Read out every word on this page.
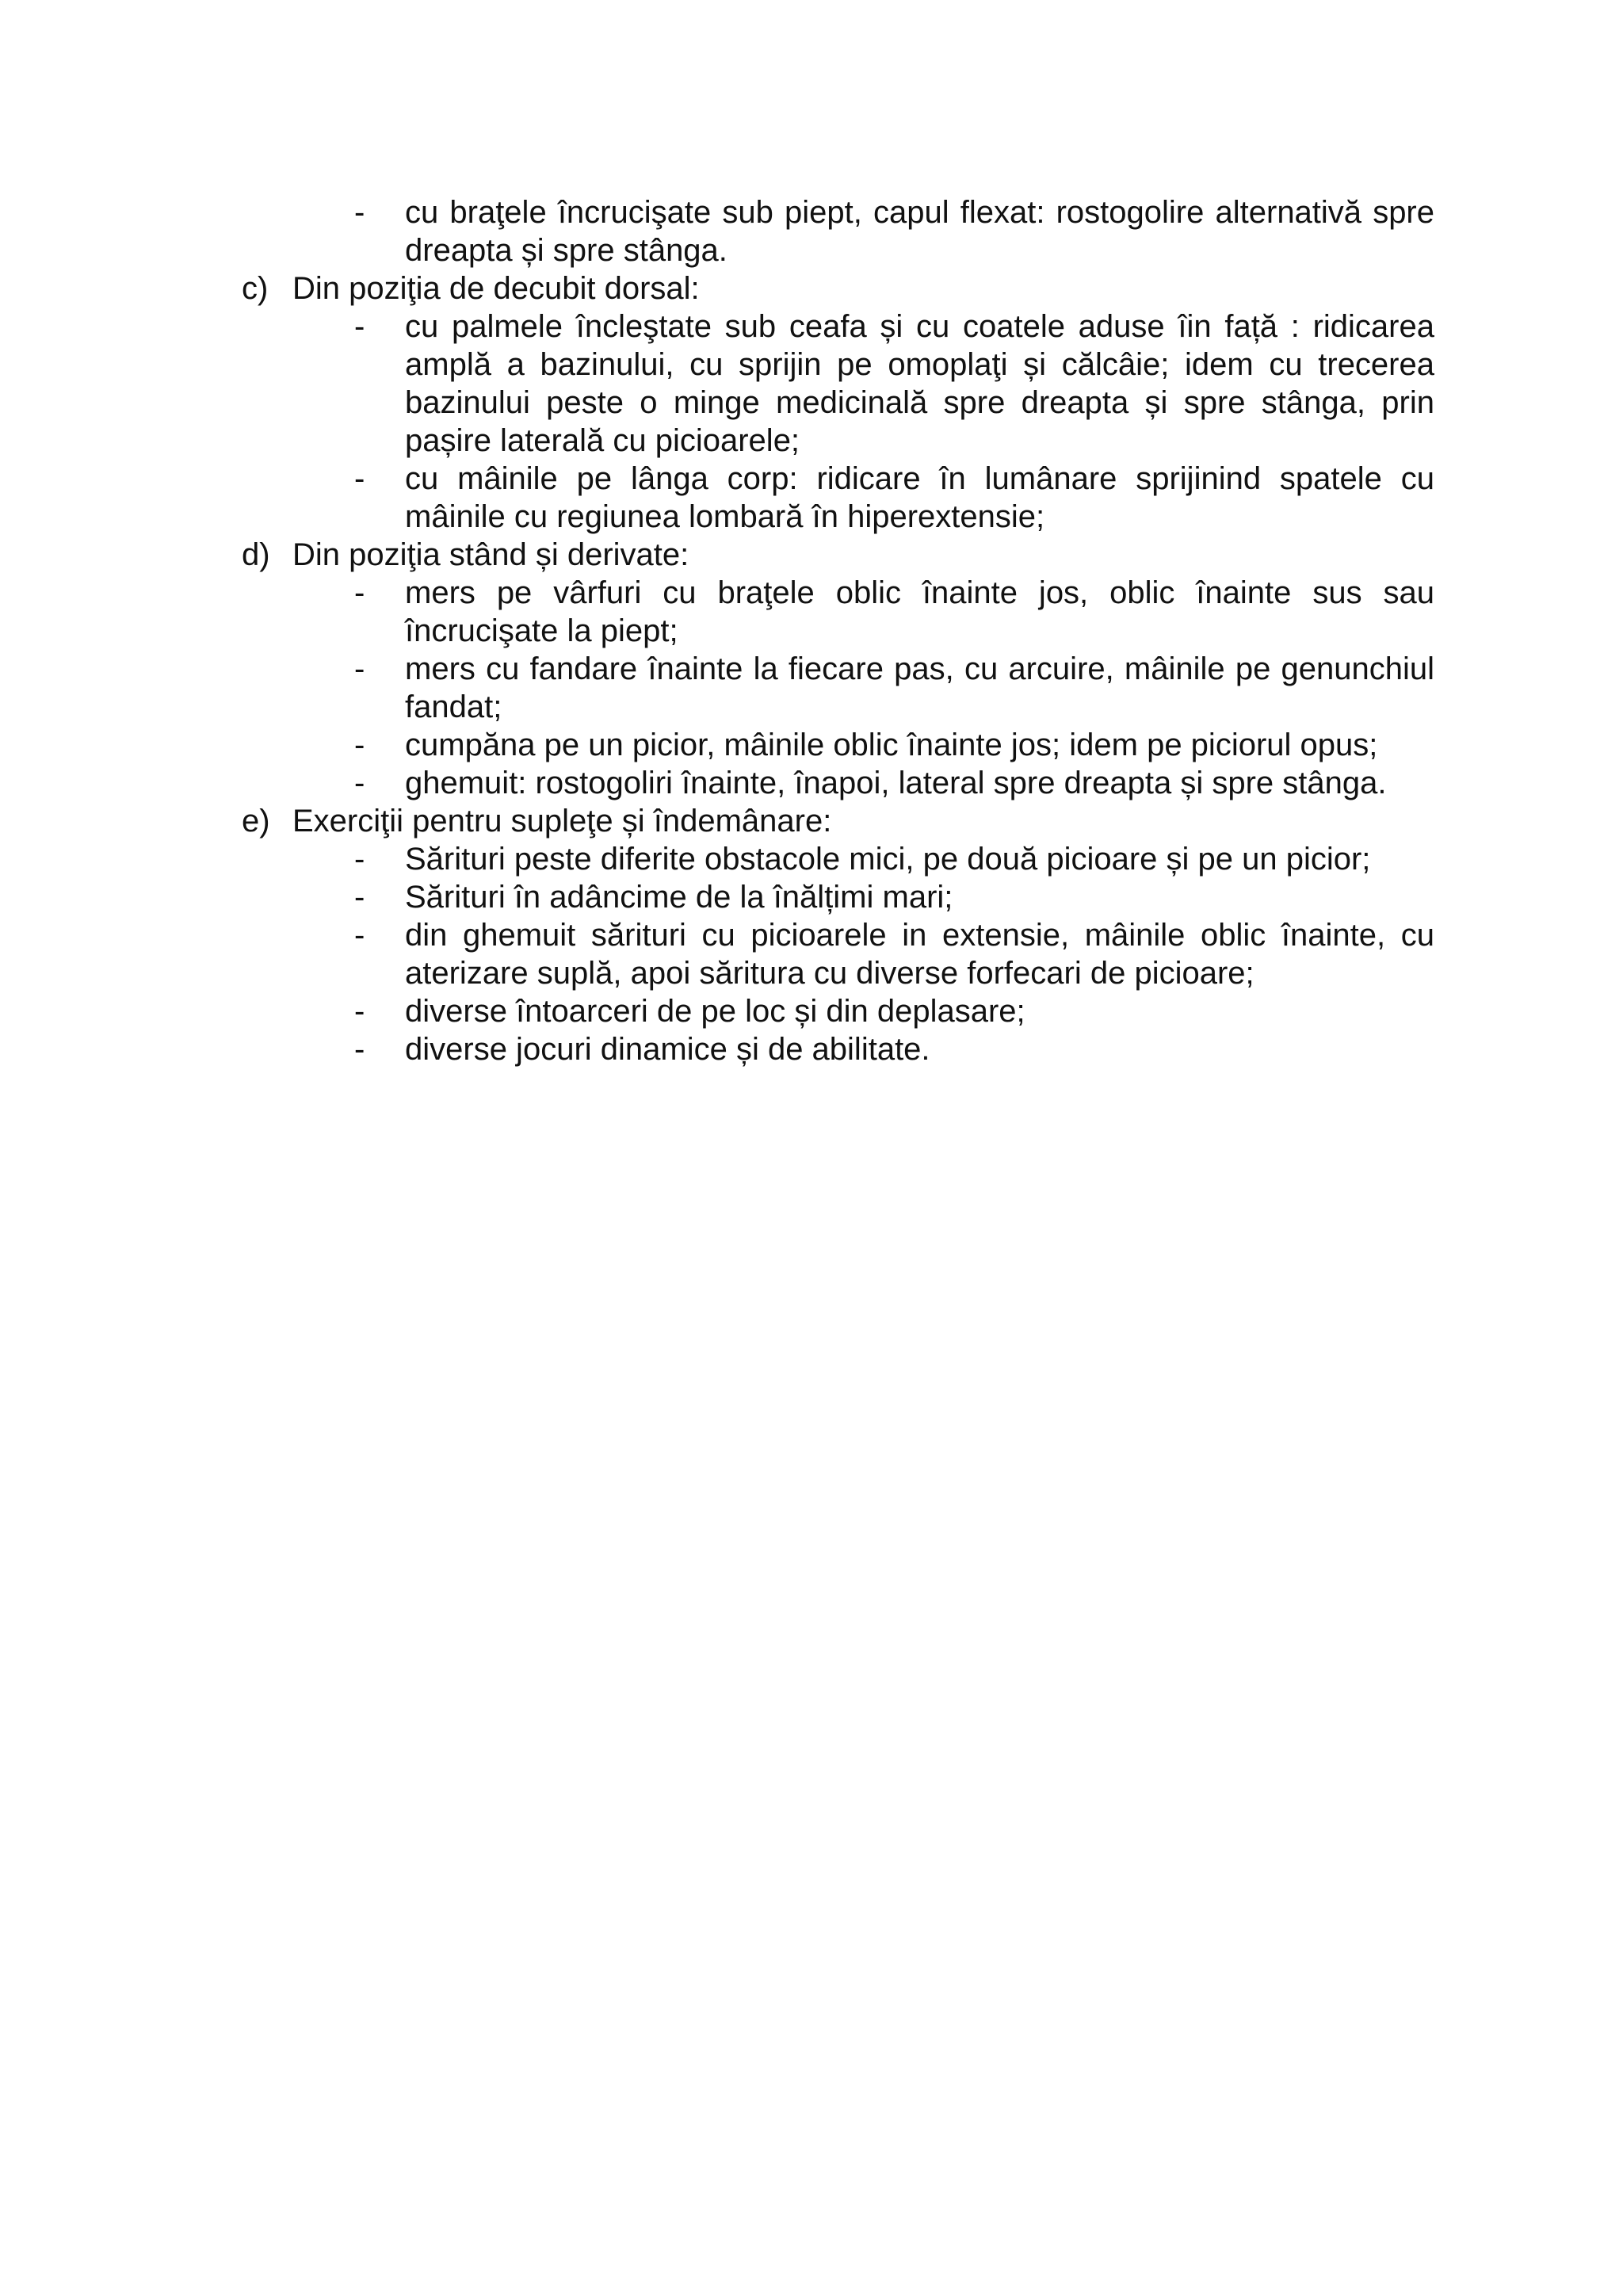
- cu braţele încrucişate sub piept, capul flexat: rostogolire alternativă spre dreapta și spre stânga.
c) Din poziţia de decubit dorsal:
- cu palmele încleştate sub ceafa și cu coatele aduse îin față : ridicarea amplă a bazinului, cu sprijin pe omoplaţi și călcâie; idem cu trecerea bazinului peste o minge medicinală spre dreapta și spre stânga, prin pașire laterală cu picioarele;
- cu mâinile pe lânga corp: ridicare în lumânare sprijinind spatele cu mâinile cu regiunea lombară în hiperextensie;
d) Din poziţia stând și derivate:
- mers pe vârfuri cu braţele oblic înainte jos, oblic înainte sus sau încrucişate la piept;
- mers cu fandare înainte la fiecare pas, cu arcuire, mâinile pe genunchiul fandat;
- cumpăna pe un picior, mâinile oblic înainte jos; idem pe piciorul opus;
- ghemuit: rostogoliri înainte, înapoi, lateral spre dreapta și spre stânga.
e) Exerciţii pentru supleţe și îndemânare:
- Sărituri peste diferite obstacole mici, pe două picioare și pe un picior;
- Sărituri în adâncime de la înălțimi mari;
- din ghemuit sărituri cu picioarele in extensie, mâinile oblic înainte, cu aterizare suplă, apoi săritura cu diverse forfecari de picioare;
- diverse întoarceri de pe loc și din deplasare;
- diverse jocuri dinamice și de abilitate.
